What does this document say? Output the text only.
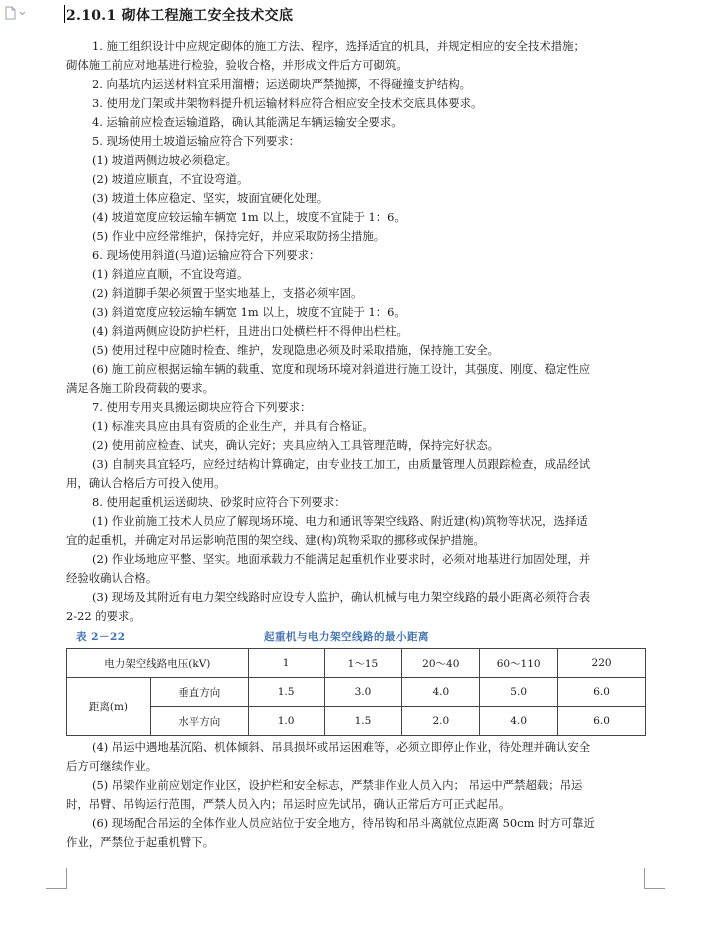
2.10.1 砌体工程施工安全技术交底

1. 施工组织设计中应规定砌体的施工方法、程序，选择适宜的机具，并规定相应的安全技术措施；

砌体施工前应对地基进行检验，验收合格，并形成文件后方可砌筑。

2. 向基坑内运送材料宜采用溜槽；运送砌块严禁抛掷，不得碰撞支护结构。

3. 使用龙门架或井架物料提升机运输材料应符合相应安全技术交底具体要求。

4. 运输前应检查运输道路，确认其能满足车辆运输安全要求。

5. 现场使用土坡道运输应符合下列要求：

(1) 坡道两侧边坡必须稳定。

(2) 坡道应顺直，不宜设弯道。

(3) 坡道土体应稳定、坚实，坡面宜硬化处理。

(4) 坡道宽度应较运输车辆宽 1m 以上，坡度不宜陡于 1：6。

(5) 作业中应经常维护，保持完好，并应采取防扬尘措施。

6. 现场使用斜道(马道)运输应符合下列要求：

(1) 斜道应直顺，不宜设弯道。

(2) 斜道脚手架必须置于坚实地基上，支搭必须牢固。

(3) 斜道宽度应较运输车辆宽 1m 以上，坡度不宜陡于 1：6。

(4) 斜道两侧应设防护栏杆，且进出口处横栏杆不得伸出栏柱。

(5) 使用过程中应随时检查、维护，发现隐患必须及时采取措施，保持施工安全。

(6) 施工前应根据运输车辆的载重、宽度和现场环境对斜道进行施工设计，其强度、刚度、稳定性应

满足各施工阶段荷载的要求。

7. 使用专用夹具搬运砌块应符合下列要求：

(1) 标准夹具应由具有资质的企业生产，并具有合格证。

(2) 使用前应检查、试夹，确认完好；夹具应纳入工具管理范畴，保持完好状态。

(3) 自制夹具宜轻巧，应经过结构计算确定，由专业技工加工，由质量管理人员跟踪检查，成品经试

用，确认合格后方可投入使用。

8. 使用起重机运送砌块、砂浆时应符合下列要求：

(1) 作业前施工技术人员应了解现场环境、电力和通讯等架空线路、附近建(构)筑物等状况，选择适

宜的起重机，并确定对吊运影响范围的架空线、建(构)筑物采取的挪移或保护措施。

(2) 作业场地应平整、坚实。地面承载力不能满足起重机作业要求时，必须对地基进行加固处理，并

经验收确认合格。

(3) 现场及其附近有电力架空线路时应设专人监护，确认机械与电力架空线路的最小距离必须符合表

2-22 的要求。

表 2－22	起重机与电力架空线路的最小距离
电力架空线路电压(kV)		1	1～15	20～40	60～110	220
距离(m)	垂直方向	1.5	3.0	4.0	5.0	6.0
	水平方向	1.0	1.5	2.0	4.0	6.0

(4) 吊运中遇地基沉陷、机体倾斜、吊具损坏或吊运困难等，必须立即停止作业，待处理并确认安全

后方可继续作业。

(5) 吊梁作业前应划定作业区，设护栏和安全标志，严禁非作业人员入内； 吊运中严禁超载；吊运

时，吊臂、吊钩运行范围，严禁人员入内；吊运时应先试吊，确认正常后方可正式起吊。

(6) 现场配合吊运的全体作业人员应站位于安全地方，待吊钩和吊斗离就位点距离 50cm 时方可靠近

作业，严禁位于起重机臂下。
